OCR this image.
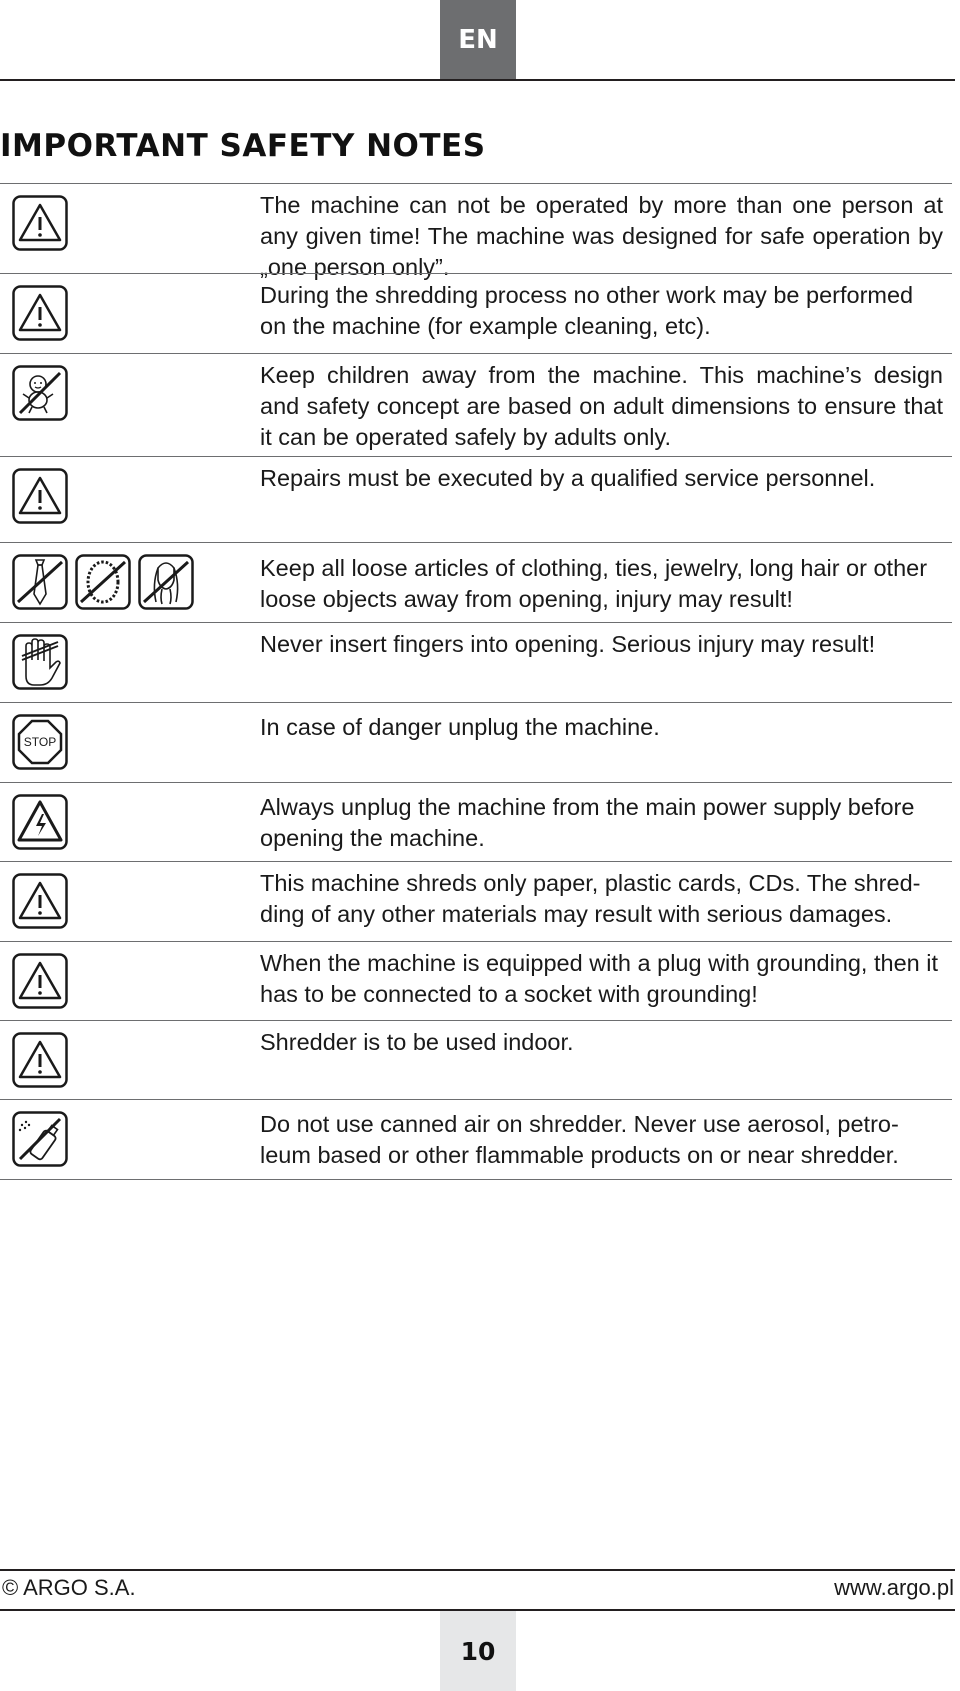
EN
IMPORTANT SAFETY NOTES
The machine can not be operated by more than one person at any given time! The machine was designed for safe operation by „one person only”.
During the shredding process no other work may be performed on the machine (for example cleaning, etc).
Keep children away from the machine. This machine’s design and safety concept are based on adult dimensions to ensure that it can be operated safely by adults only.
Repairs must be executed by a qualified service personnel.
Keep all loose articles of clothing, ties, jewelry, long hair or other loose objects away from opening, injury may result!
Never insert fingers into opening. Serious injury may result!
STOP
In case of danger unplug the machine.
Always unplug the machine from the main power supply before opening the machine.
This machine shreds only paper, plastic cards, CDs. The shred-ding of any other materials may result with serious damages.
When the machine is equipped with a plug with grounding, then it has to be connected to a socket with grounding!
Shredder is to be used indoor.
Do not use canned air on shredder. Never use aerosol, petro-leum based or other flammable products on or near shredder.
© ARGO S.A.	www.argo.pl
10
